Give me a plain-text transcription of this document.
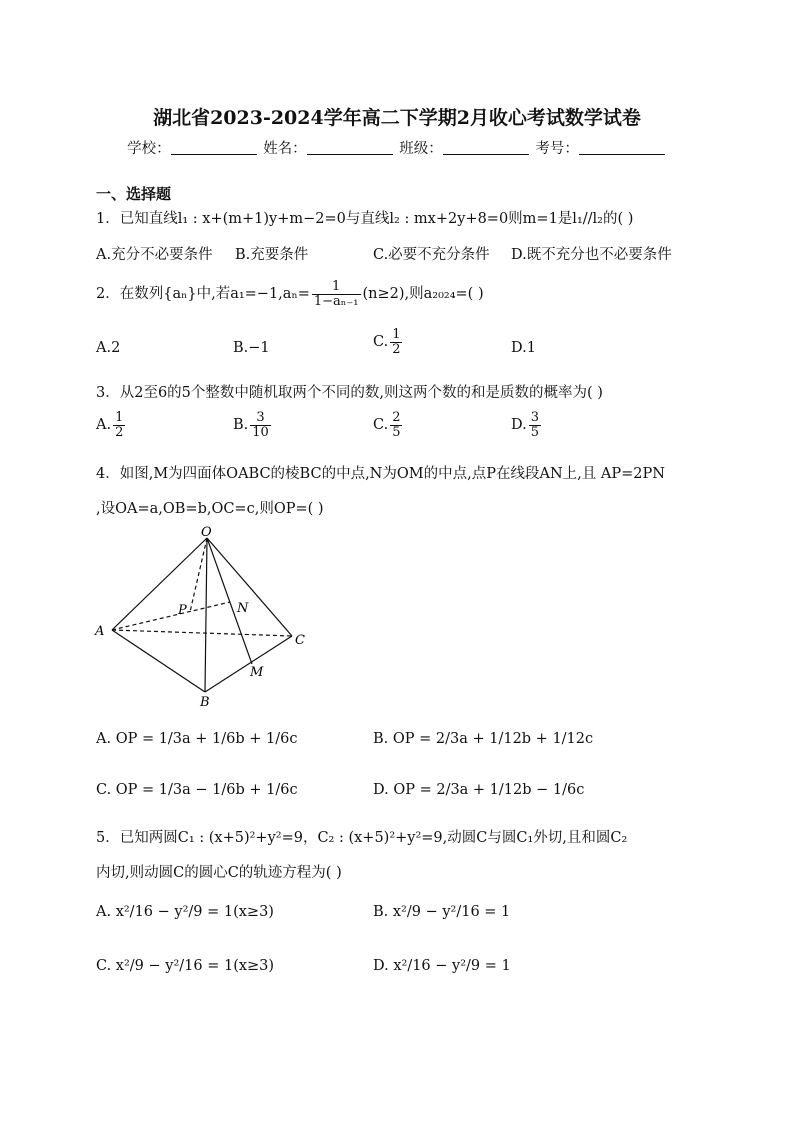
湖北省2023-2024学年高二下学期2月收心考试数学试卷
学校：	姓名：	班级：	考号：
一、选择题
1．已知直线l₁ : x+(m+1)y+m−2=0与直线l₂ : mx+2y+8=0则m=1是l₁//l₂的( )
A.充分不必要条件 B.充要条件	C.必要不充分条件 D.既不充分也不必要条件
2．在数列{aₙ}中,若$a_1=-1,a_n= \frac{1}{\text{1−aₙ₋₁}} (n\ge 2)$,则a₂₀₂₄=( )
A.2	B.−1	C. $\frac{1}{2}$	D.1
3．从2至6的5个整数中随机取两个不同的数,则这两个数的和是质数的概率为( )
A. $\frac{1}{2}$	B. $\frac{3}{10}$	C. $\frac{2}{5}$	D. $\frac{3}{5}$
4．如图,M为四面体OABC的棱BC的中点,N为OM的中点,点P在线段AN上,且 AP=2PN
,设OA=a,OB=b,OC=c,则OP=( )
O
A
B
C
M
N
P
A. OP = 1/3a + 1/6b + 1/6c	B. OP = 2/3a + 1/12b + 1/12c
C. OP = 1/3a − 1/6b + 1/6c	D. OP = 2/3a + 1/12b − 1/6c
5．已知两圆C₁ : (x+5)²+y²=9，C₂ : (x+5)²+y²=9,动圆C与圆C₁外切,且和圆C₂
内切,则动圆C的圆心C的轨迹方程为( )
A. x²/16 − y²/9 = 1(x≥3)	B. x²/9 − y²/16 = 1
C. x²/9 − y²/16 = 1(x≥3)	D. x²/16 − y²/9 = 1
